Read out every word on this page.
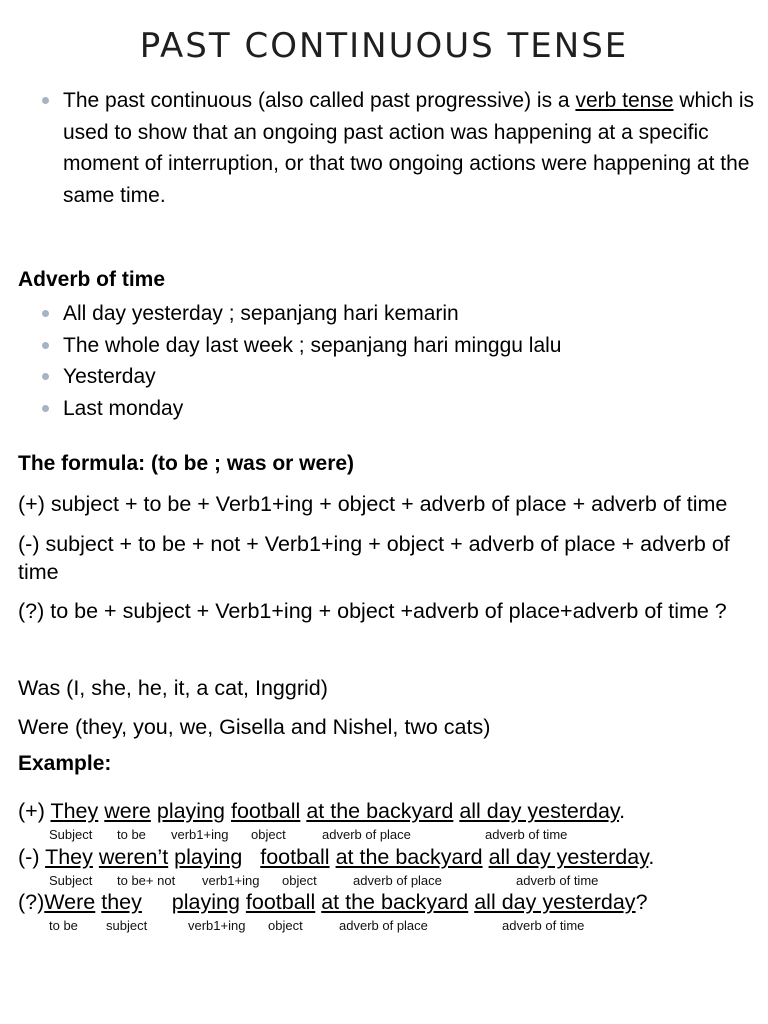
PAST CONTINUOUS TENSE
The past continuous (also called past progressive) is a verb tense which is used to show that an ongoing past action was happening at a specific moment of interruption, or that two ongoing actions were happening at the same time.

Adverb of time

All day yesterday ; sepanjang hari kemarin
The whole day last week ; sepanjang hari minggu lalu
Yesterday
Last monday

The formula: (to be ; was or were)

(+) subject + to be + Verb1+ing + object + adverb of place + adverb of time

(-) subject + to be + not + Verb1+ing + object + adverb of place + adverb of time

(?) to be + subject + Verb1+ing + object +adverb of place+adverb of time ?

Was (I, she, he, it, a cat, Inggrid)

Were (they, you, we, Gisella and Nishel, two cats)

Example:

(+) They were playing football at the backyard all day yesterday.
Subject to be verb1+ing object	adverb of place	adverb of time
(-) They weren’t playing football at the backyard all day yesterday.
Subject to be+ not verb1+ing object	adverb of place	adverb of time
(?)Were they playing football at the backyard all day yesterday?
to be subject	verb1+ing object	adverb of place	adverb of time
